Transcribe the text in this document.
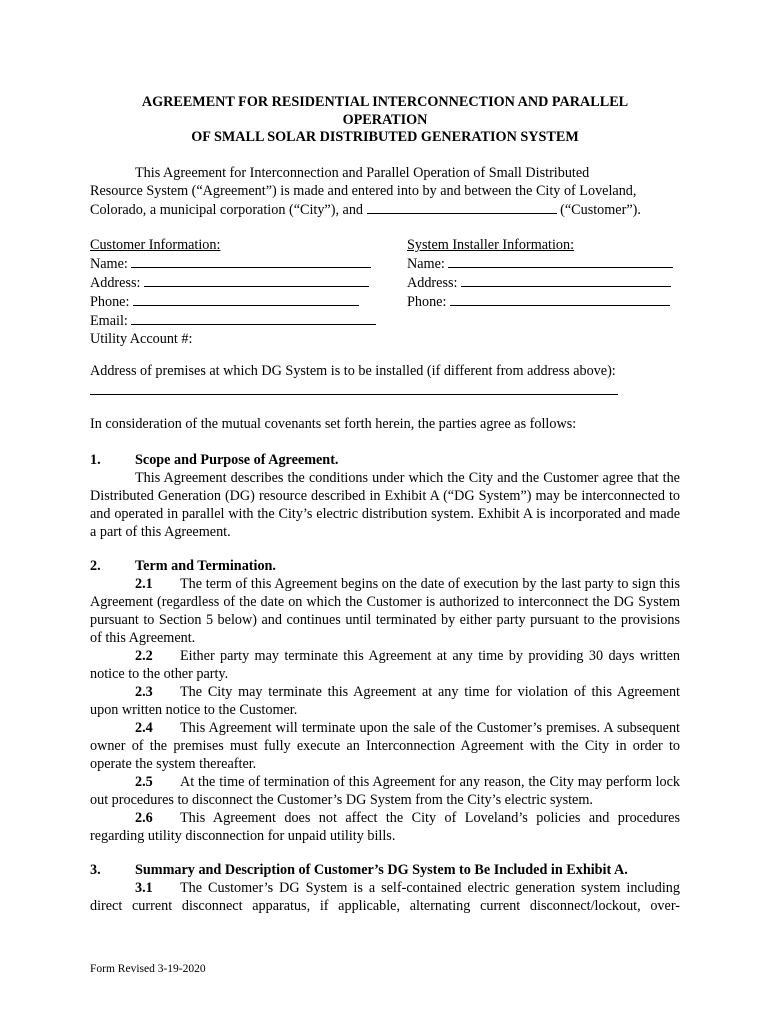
AGREEMENT FOR RESIDENTIAL INTERCONNECTION AND PARALLEL
OPERATION
OF SMALL SOLAR DISTRIBUTED GENERATION SYSTEM
This Agreement for Interconnection and Parallel Operation of Small Distributed
Resource System (“Agreement”) is made and entered into by and between the City of Loveland,
Colorado, a municipal corporation (“City”), and	(“Customer”).
Customer Information:
Name:
Address:
Phone:
Email:
Utility Account #:
System Installer Information:
Name:
Address:
Phone:
Address of premises at which DG System is to be installed (if different from address above):
In consideration of the mutual covenants set forth herein, the parties agree as follows:
1. Scope and Purpose of Agreement.
This Agreement describes the conditions under which the City and the Customer agree that the Distributed Generation (DG) resource described in Exhibit A (“DG System”) may be interconnected to and operated in parallel with the City’s electric distribution system. Exhibit A is incorporated and made a part of this Agreement.
2. Term and Termination.
2.1 The term of this Agreement begins on the date of execution by the last party to sign this Agreement (regardless of the date on which the Customer is authorized to interconnect the DG System pursuant to Section 5 below) and continues until terminated by either party pursuant to the provisions of this Agreement.
2.2 Either party may terminate this Agreement at any time by providing 30 days written notice to the other party.
2.3 The City may terminate this Agreement at any time for violation of this Agreement upon written notice to the Customer.
2.4 This Agreement will terminate upon the sale of the Customer’s premises. A subsequent owner of the premises must fully execute an Interconnection Agreement with the City in order to operate the system thereafter.
2.5 At the time of termination of this Agreement for any reason, the City may perform lock out procedures to disconnect the Customer’s DG System from the City’s electric system.
2.6 This Agreement does not affect the City of Loveland’s policies and procedures regarding utility disconnection for unpaid utility bills.
3. Summary and Description of Customer’s DG System to Be Included in Exhibit A.
3.1 The Customer’s DG System is a self-contained electric generation system including direct current disconnect apparatus, if applicable, alternating current disconnect/lockout, over-
Form Revised 3-19-2020
